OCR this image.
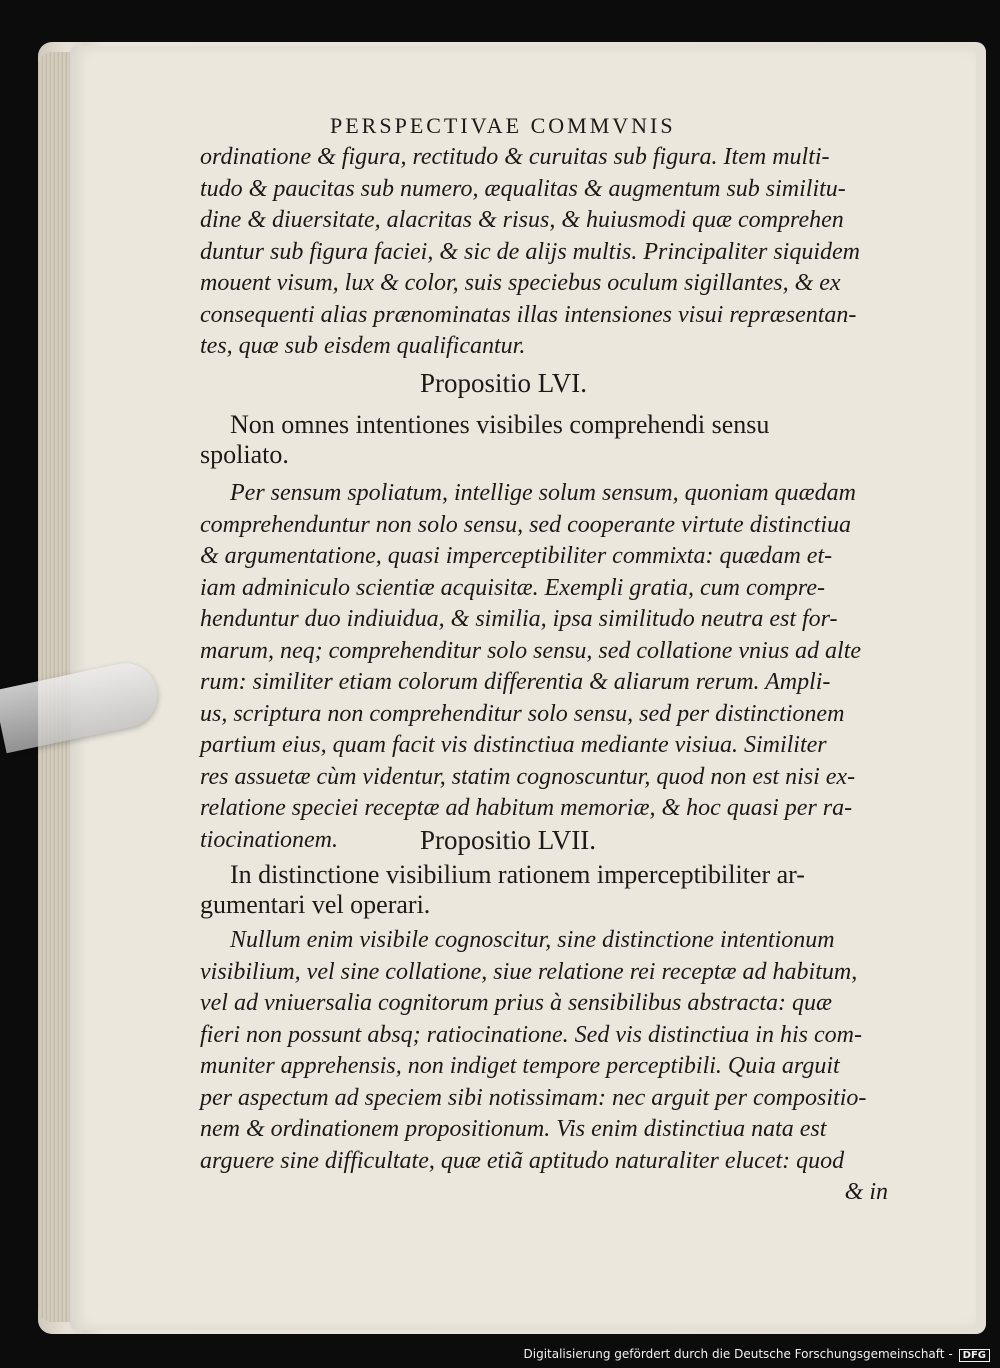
PERSPECTIVAE COMMVNIS
ordinatione & figura, rectitudo & curuitas sub figura. Item multi-
tudo & paucitas sub numero, æqualitas & augmentum sub similitu-
dine & diuersitate, alacritas & risus, & huiusmodi quæ comprehen
duntur sub figura faciei, & sic de alijs multis. Principaliter siquidem
mouent visum, lux & color, suis speciebus oculum sigillantes, & ex
consequenti alias prænominatas illas intensiones visui repræsentan-
tes, quæ sub eisdem qualificantur.
Propositio LVI.
Non omnes intentiones visibiles comprehendi sensu
spoliato.
Per sensum spoliatum, intellige solum sensum, quoniam quædam
comprehenduntur non solo sensu, sed cooperante virtute distinctiua
& argumentatione, quasi imperceptibiliter commixta: quædam et-
iam adminiculo scientiæ acquisitæ. Exempli gratia, cum compre-
henduntur duo indiuidua, & similia, ipsa similitudo neutra est for-
marum, neq; comprehenditur solo sensu, sed collatione vnius ad alte
rum: similiter etiam colorum differentia & aliarum rerum. Ampli-
us, scriptura non comprehenditur solo sensu, sed per distinctionem
partium eius, quam facit vis distinctiua mediante visiua. Similiter
res assuetæ cùm videntur, statim cognoscuntur, quod non est nisi ex-
relatione speciei receptæ ad habitum memoriæ, & hoc quasi per ra-
tiocinationem.	Propositio LVII.
In distinctione visibilium rationem imperceptibiliter ar-
gumentari vel operari.
Nullum enim visibile cognoscitur, sine distinctione intentionum
visibilium, vel sine collatione, siue relatione rei receptæ ad habitum,
vel ad vniuersalia cognitorum prius à sensibilibus abstracta: quæ
fieri non possunt absq; ratiocinatione. Sed vis distinctiua in his com-
muniter apprehensis, non indiget tempore perceptibili. Quia arguit
per aspectum ad speciem sibi notissimam: nec arguit per compositio-
nem & ordinationem propositionum. Vis enim distinctiua nata est
arguere sine difficultate, quæ etiã aptitudo naturaliter elucet: quod
& in
Digitalisierung gefördert durch die Deutsche Forschungsgemeinschaft - DFG
